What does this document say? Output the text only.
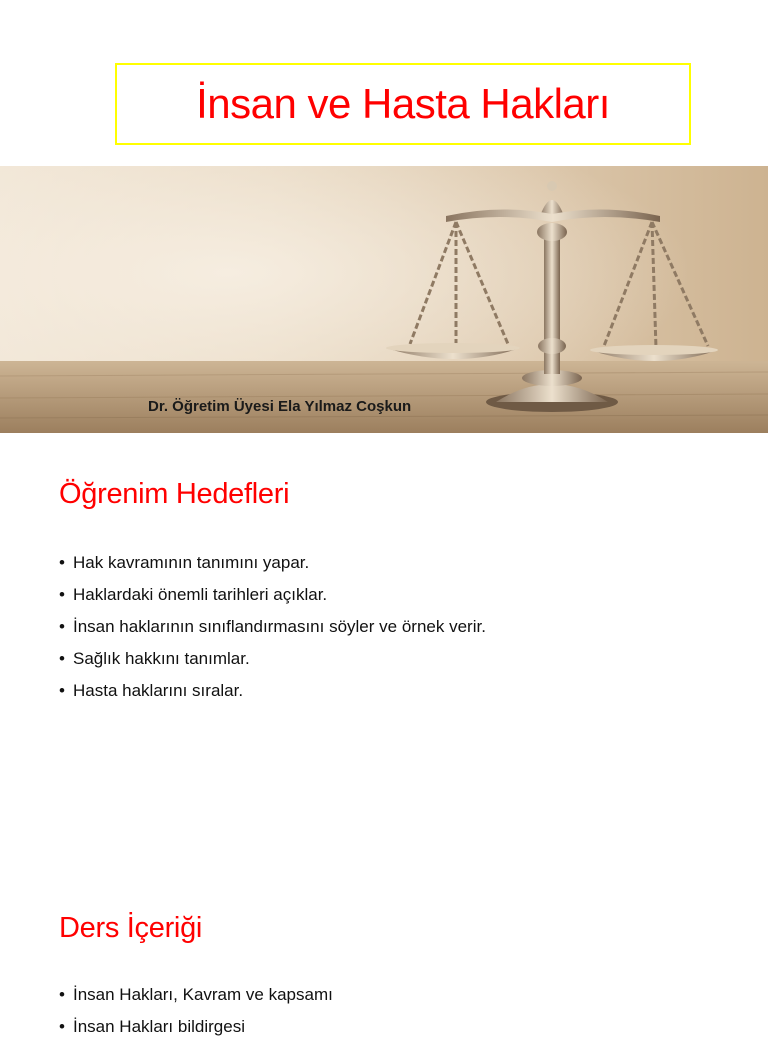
İnsan ve Hasta Hakları
Dr. Öğretim Üyesi Ela Yılmaz Coşkun
Öğrenim Hedefleri
• Hak kavramının tanımını yapar.
• Haklardaki önemli tarihleri açıklar.
• İnsan haklarının sınıflandırmasını söyler ve örnek verir.
• Sağlık hakkını tanımlar.
• Hasta haklarını sıralar.
Ders İçeriği
• İnsan Hakları, Kavram ve kapsamı
• İnsan Hakları bildirgesi
